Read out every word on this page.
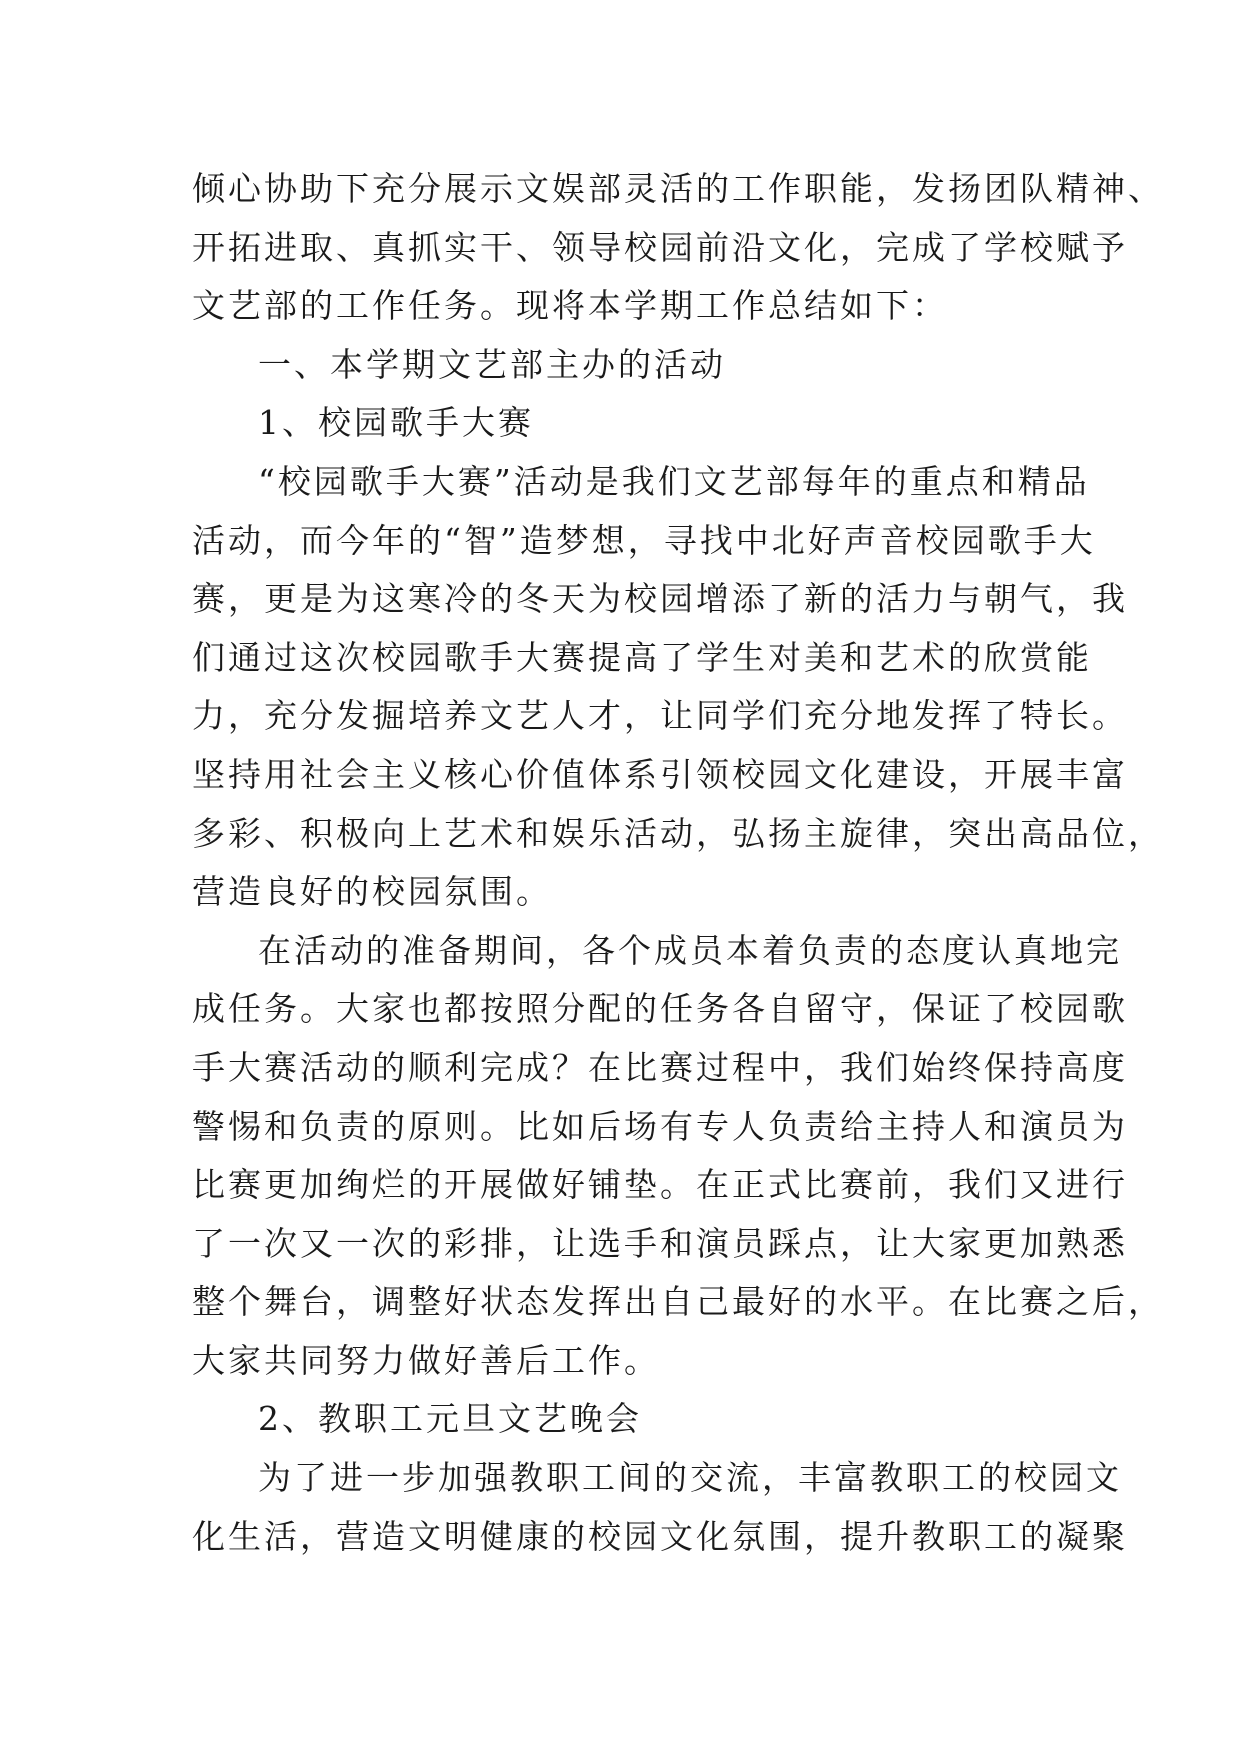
倾心协助下充分展示文娱部灵活的工作职能，发扬团队精神、
开拓进取、真抓实干、领导校园前沿文化，完成了学校赋予
文艺部的工作任务。现将本学期工作总结如下：
一、本学期文艺部主办的活动
1、校园歌手大赛
“校园歌手大赛”活动是我们文艺部每年的重点和精品
活动，而今年的“智”造梦想，寻找中北好声音校园歌手大
赛，更是为这寒冷的冬天为校园增添了新的活力与朝气，我
们通过这次校园歌手大赛提高了学生对美和艺术的欣赏能
力，充分发掘培养文艺人才，让同学们充分地发挥了特长。
坚持用社会主义核心价值体系引领校园文化建设，开展丰富
多彩、积极向上艺术和娱乐活动，弘扬主旋律，突出高品位，
营造良好的校园氛围。
在活动的准备期间，各个成员本着负责的态度认真地完
成任务。大家也都按照分配的任务各自留守，保证了校园歌
手大赛活动的顺利完成？在比赛过程中，我们始终保持高度
警惕和负责的原则。比如后场有专人负责给主持人和演员为
比赛更加绚烂的开展做好铺垫。在正式比赛前，我们又进行
了一次又一次的彩排，让选手和演员踩点，让大家更加熟悉
整个舞台，调整好状态发挥出自己最好的水平。在比赛之后，
大家共同努力做好善后工作。
2、教职工元旦文艺晚会
为了进一步加强教职工间的交流，丰富教职工的校园文
化生活，营造文明健康的校园文化氛围，提升教职工的凝聚
